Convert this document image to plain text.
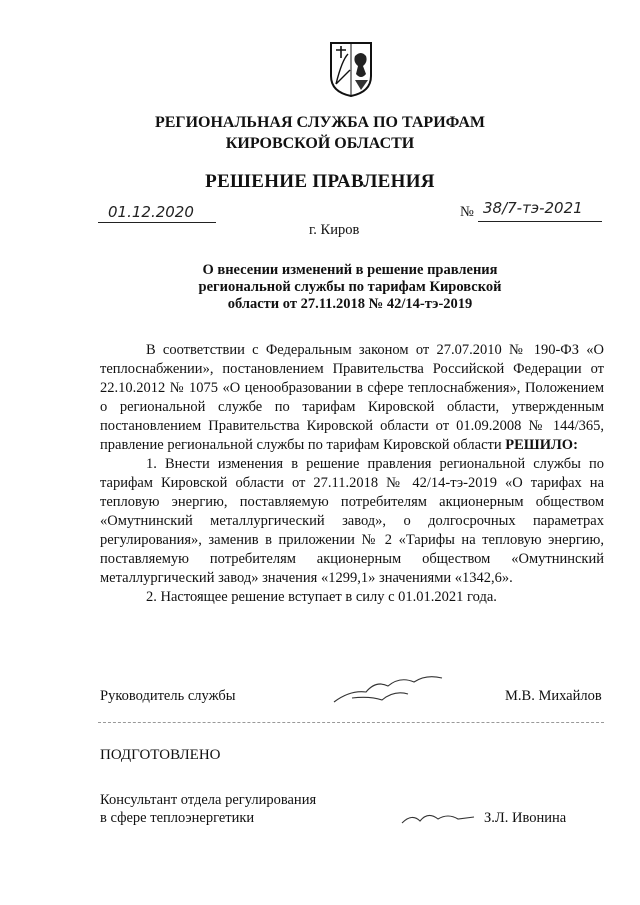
РЕГИОНАЛЬНАЯ СЛУЖБА ПО ТАРИФАМ
КИРОВСКОЙ ОБЛАСТИ
РЕШЕНИЕ ПРАВЛЕНИЯ
01.12.2020	№ 38/7-тэ-2021
г. Киров
О внесении изменений в решение правления
региональной службы по тарифам Кировской
области от 27.11.2018 № 42/14-тэ-2019

В соответствии с Федеральным законом от 27.07.2010 № 190-ФЗ «О теплоснабжении», постановлением Правительства Российской Федерации от 22.10.2012 № 1075 «О ценообразовании в сфере теплоснабжения», Положением о региональной службе по тарифам Кировской области, утвержденным постановлением Правительства Кировской области от 01.09.2008 № 144/365, правление региональной службы по тарифам Кировской области РЕШИЛО:

1. Внести изменения в решение правления региональной службы по тарифам Кировской области от 27.11.2018 № 42/14-тэ-2019 «О тарифах на тепловую энергию, поставляемую потребителям акционерным обществом «Омутнинский металлургический завод», о долгосрочных параметрах регулирования», заменив в приложении № 2 «Тарифы на тепловую энергию, поставляемую потребителям акционерным обществом «Омутнинский металлургический завод» значения «1299,1» значениями «1342,6».

2. Настоящее решение вступает в силу с 01.01.2021 года.

Руководитель службы	М.В. Михайлов
ПОДГОТОВЛЕНО
Консультант отдела регулирования
в сфере теплоэнергетики	З.Л. Ивонина
